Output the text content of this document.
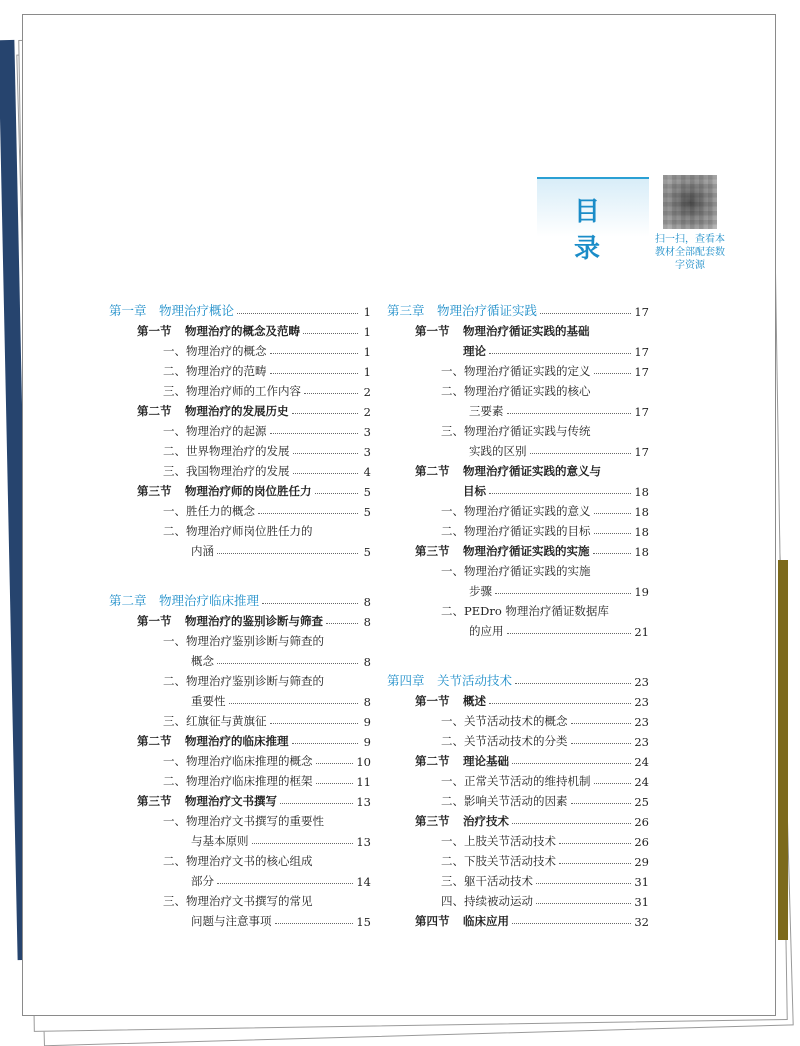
目　录	扫一扫，查看本教材全部配套数字资源
第一章　 物理治疗概论	1
第一节 物理治疗的概念及范畴	1
一、物理治疗的概念	1
二、物理治疗的范畴	1
三、物理治疗师的工作内容	2
第二节 物理治疗的发展历史	2
一、物理治疗的起源	3
二、世界物理治疗的发展	3
三、我国物理治疗的发展	4
第三节 物理治疗师的岗位胜任力	5
一、胜任力的概念	5
二、物理治疗师岗位胜任力的
内涵	5
第二章　 物理治疗临床推理	8
第一节 物理治疗的鉴别诊断与筛查	8
一、物理治疗鉴别诊断与筛查的
概念	8
二、物理治疗鉴别诊断与筛查的
重要性	8
三、红旗征与黄旗征	9
第二节 物理治疗的临床推理	9
一、物理治疗临床推理的概念	10
二、物理治疗临床推理的框架	11
第三节 物理治疗文书撰写	13
一、物理治疗文书撰写的重要性
与基本原则	13
二、物理治疗文书的核心组成
部分	14
三、物理治疗文书撰写的常见
问题与注意事项	15
第三章　 物理治疗循证实践	17
第一节 物理治疗循证实践的基础
理论	17
一、物理治疗循证实践的定义	17
二、物理治疗循证实践的核心
三要素	17
三、物理治疗循证实践与传统
实践的区别	17
第二节 物理治疗循证实践的意义与
目标	18
一、物理治疗循证实践的意义	18
二、物理治疗循证实践的目标	18
第三节 物理治疗循证实践的实施	18
一、物理治疗循证实践的实施
步骤	19
二、PEDro 物理治疗循证数据库
的应用	21
第四章　 关节活动技术	23
第一节 概述	23
一、关节活动技术的概念	23
二、关节活动技术的分类	23
第二节 理论基础	24
一、正常关节活动的维持机制	24
二、影响关节活动的因素	25
第三节 治疗技术	26
一、上肢关节活动技术	26
二、下肢关节活动技术	29
三、躯干活动技术	31
四、持续被动运动	31
第四节 临床应用	32
